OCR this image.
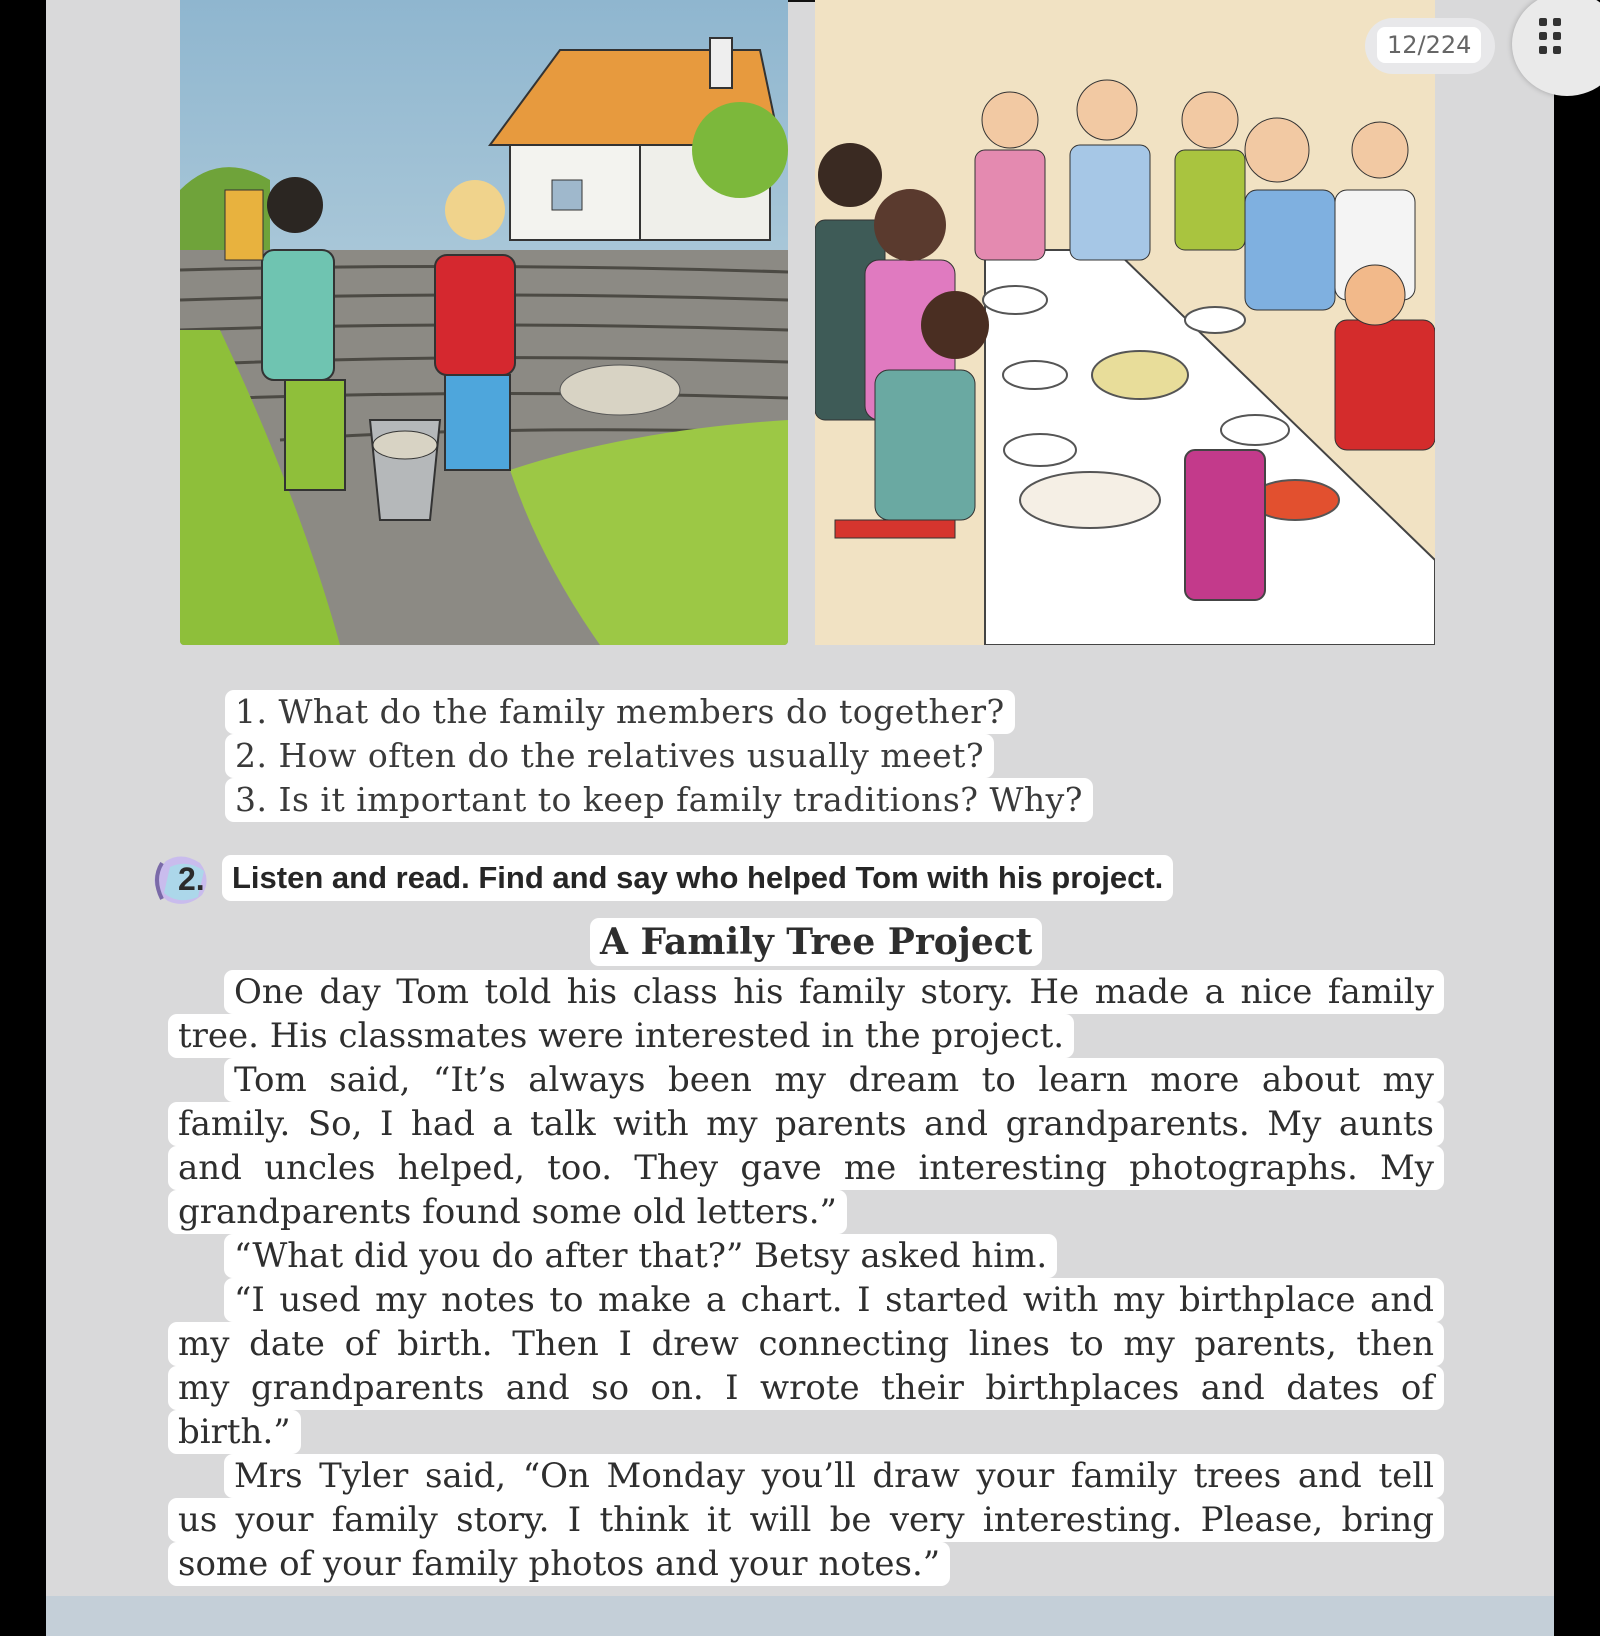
12/224
1. What do the family members do together?
2. How often do the relatives usually meet?
3. Is it important to keep family traditions? Why?
2. Listen and read. Find and say who helped Tom with his project.
A Family Tree Project
One day Tom told his class his family story. He made a nice family
tree. His classmates were interested in the project.
Tom said, “It’s always been my dream to learn more about my
family. So, I had a talk with my parents and grandparents. My aunts
and uncles helped, too. They gave me interesting photographs. My
grandparents found some old letters.”
“What did you do after that?” Betsy asked him.
“I used my notes to make a chart. I started with my birthplace and
my date of birth. Then I drew connecting lines to my parents, then
my grandparents and so on. I wrote their birthplaces and dates of
birth.”
Mrs Tyler said, “On Monday you’ll draw your family trees and tell
us your family story. I think it will be very interesting. Please, bring
some of your family photos and your notes.”
